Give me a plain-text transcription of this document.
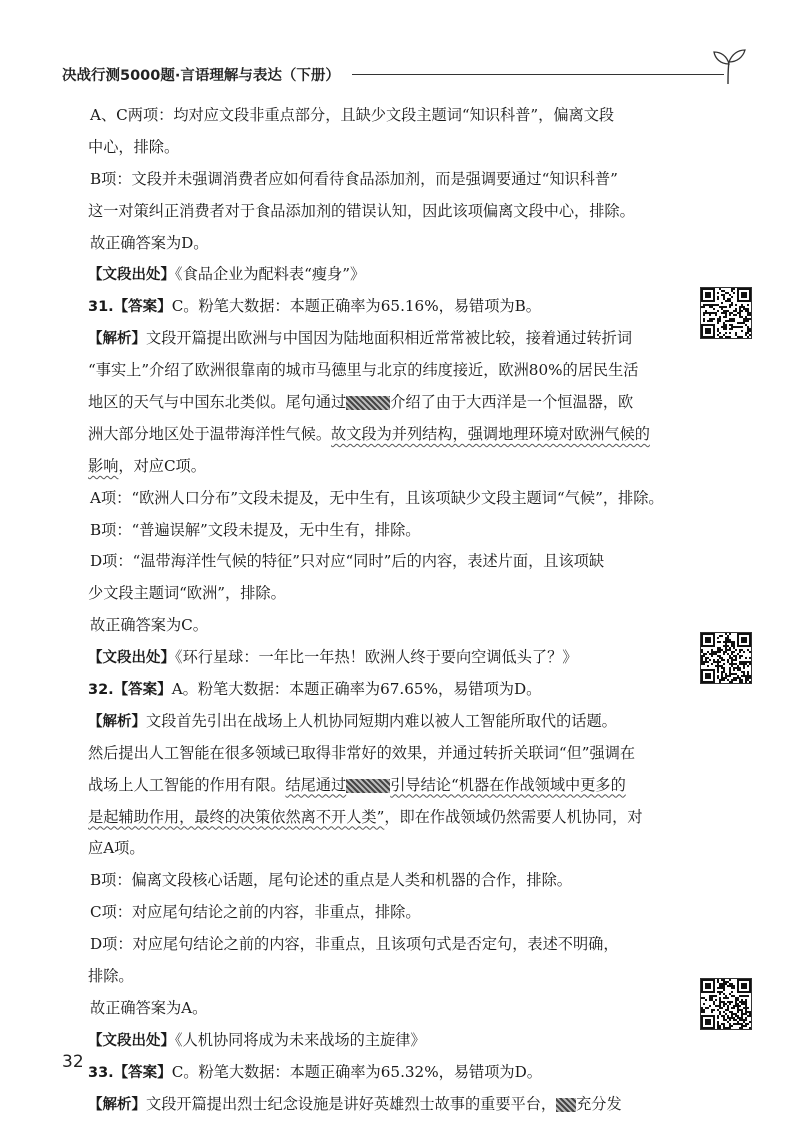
决战行测5000题·言语理解与表达（下册）
A、C两项：均对应文段非重点部分，且缺少文段主题词“知识科普”，偏离文段
中心，排除。
B项：文段并未强调消费者应如何看待食品添加剂，而是强调要通过“知识科普”
这一对策纠正消费者对于食品添加剂的错误认知，因此该项偏离文段中心，排除。
故正确答案为D。
【文段出处】《食品企业为配料表“瘦身”》
31.【答案】C。粉笔大数据：本题正确率为65.16%，易错项为B。
【解析】文段开篇提出欧洲与中国因为陆地面积相近常常被比较，接着通过转折词
“事实上”介绍了欧洲很靠南的城市马德里与北京的纬度接近，欧洲80%的居民生活
地区的天气与中国东北类似。尾句通过	介绍了由于大西洋是一个恒温器，欧
洲大部分地区处于温带海洋性气候。故文段为并列结构，强调地理环境对欧洲气候的
影响，对应C项。
A项：“欧洲人口分布”文段未提及，无中生有，且该项缺少文段主题词“气候”，排除。
B项：“普遍误解”文段未提及，无中生有，排除。
D项：“温带海洋性气候的特征”只对应“同时”后的内容，表述片面，且该项缺
少文段主题词“欧洲”，排除。
故正确答案为C。
【文段出处】《环行星球：一年比一年热！欧洲人终于要向空调低头了？》
32.【答案】A。粉笔大数据：本题正确率为67.65%，易错项为D。
【解析】文段首先引出在战场上人机协同短期内难以被人工智能所取代的话题。
然后提出人工智能在很多领域已取得非常好的效果，并通过转折关联词“但”强调在
战场上人工智能的作用有限。结尾通过	引导结论“机器在作战领域中更多的
是起辅助作用，最终的决策依然离不开人类”，即在作战领域仍然需要人机协同，对
应A项。
B项：偏离文段核心话题，尾句论述的重点是人类和机器的合作，排除。
C项：对应尾句结论之前的内容，非重点，排除。
D项：对应尾句结论之前的内容，非重点，且该项句式是否定句，表述不明确，
排除。
故正确答案为A。
【文段出处】《人机协同将成为未来战场的主旋律》
33.【答案】C。粉笔大数据：本题正确率为65.32%，易错项为D。
【解析】文段开篇提出烈士纪念设施是讲好英雄烈士故事的重要平台， 充分发
32
